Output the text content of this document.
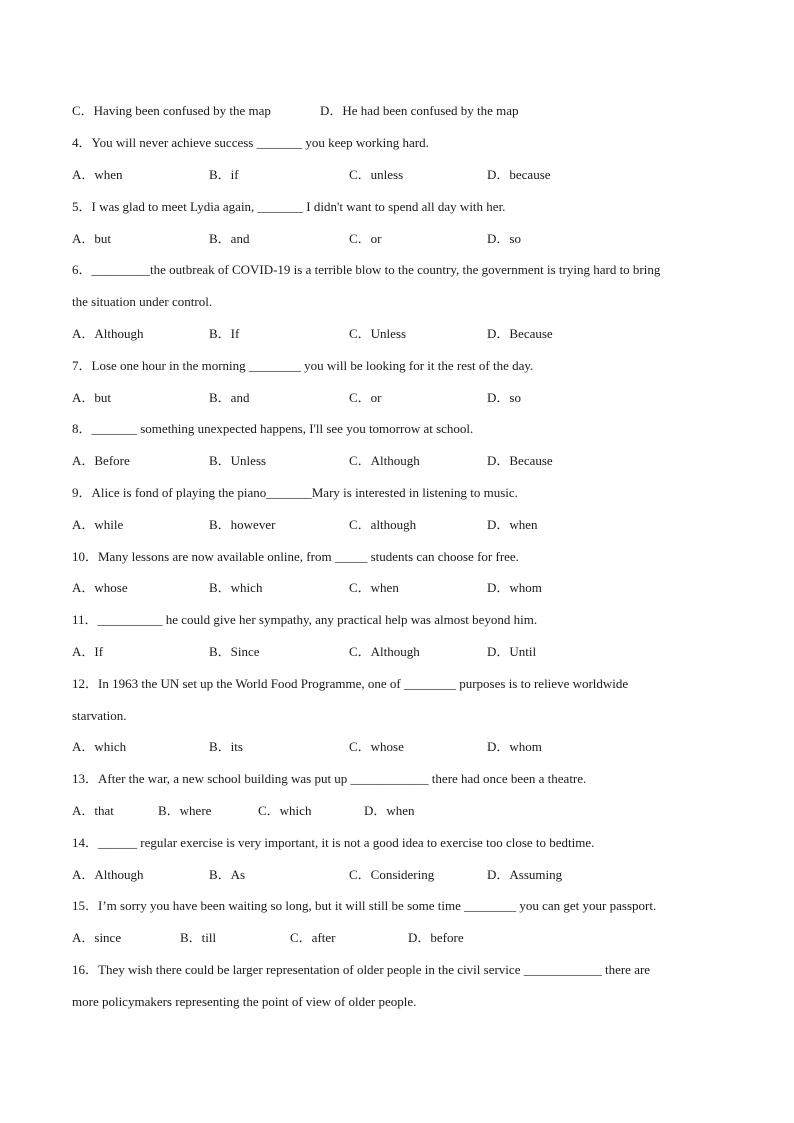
C．Having been confused by the map	D．He had been confused by the map
4．You will never achieve success _______ you keep working hard.
A．when	B．if	C．unless	D．because
5．I was glad to meet Lydia again, _______ I didn't want to spend all day with her.
A．but	B．and	C．or	D．so
6．_________the outbreak of COVID-19 is a terrible blow to the country, the government is trying hard to bring
the situation under control.
A．Although	B．If	C．Unless	D．Because
7．Lose one hour in the morning ________ you will be looking for it the rest of the day.
A．but	B．and	C．or	D．so
8．_______ something unexpected happens, I'll see you tomorrow at school.
A．Before	B．Unless	C．Although	D．Because
9．Alice is fond of playing the piano_______Mary is interested in listening to music.
A．while	B．however	C．although	D．when
10．Many lessons are now available online, from _____ students can choose for free.
A．whose	B．which	C．when	D．whom
11．__________ he could give her sympathy, any practical help was almost beyond him.
A．If	B．Since	C．Although	D．Until
12．In 1963 the UN set up the World Food Programme, one of ________ purposes is to relieve worldwide
starvation.
A．which	B．its	C．whose	D．whom
13．After the war, a new school building was put up ____________ there had once been a theatre.
A．that	B．where	C．which	D．when
14．______ regular exercise is very important, it is not a good idea to exercise too close to bedtime.
A．Although	B．As	C．Considering	D．Assuming
15．I’m sorry you have been waiting so long, but it will still be some time ________ you can get your passport.
A．since	B．till	C．after	D．before
16．They wish there could be larger representation of older people in the civil service ____________ there are
more policymakers representing the point of view of older people.
